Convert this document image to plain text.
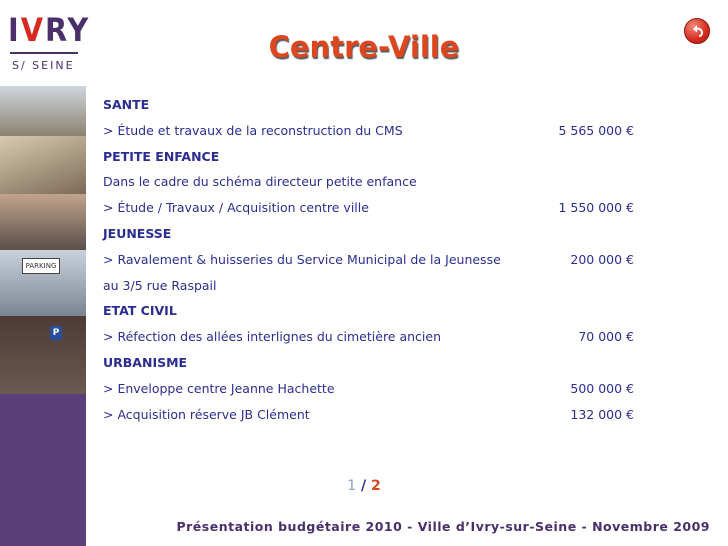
IVRY
S/ SEINE
Centre-Ville
PARKING
P
SANTE
> Étude et travaux de la reconstruction du CMS	5 565 000 €
PETITE ENFANCE
Dans le cadre du schéma directeur petite enfance
> Étude / Travaux / Acquisition centre ville	1 550 000 €
JEUNESSE
> Ravalement & huisseries du Service Municipal de la Jeunesse	200 000 €
au 3/5 rue Raspail
ETAT CIVIL
> Réfection des allées interlignes du cimetière ancien	70 000 €
URBANISME
> Enveloppe centre Jeanne Hachette	500 000 €
> Acquisition réserve JB Clément	132 000 €
1 / 2
Présentation budgétaire 2010 - Ville d’Ivry-sur-Seine - Novembre 2009
